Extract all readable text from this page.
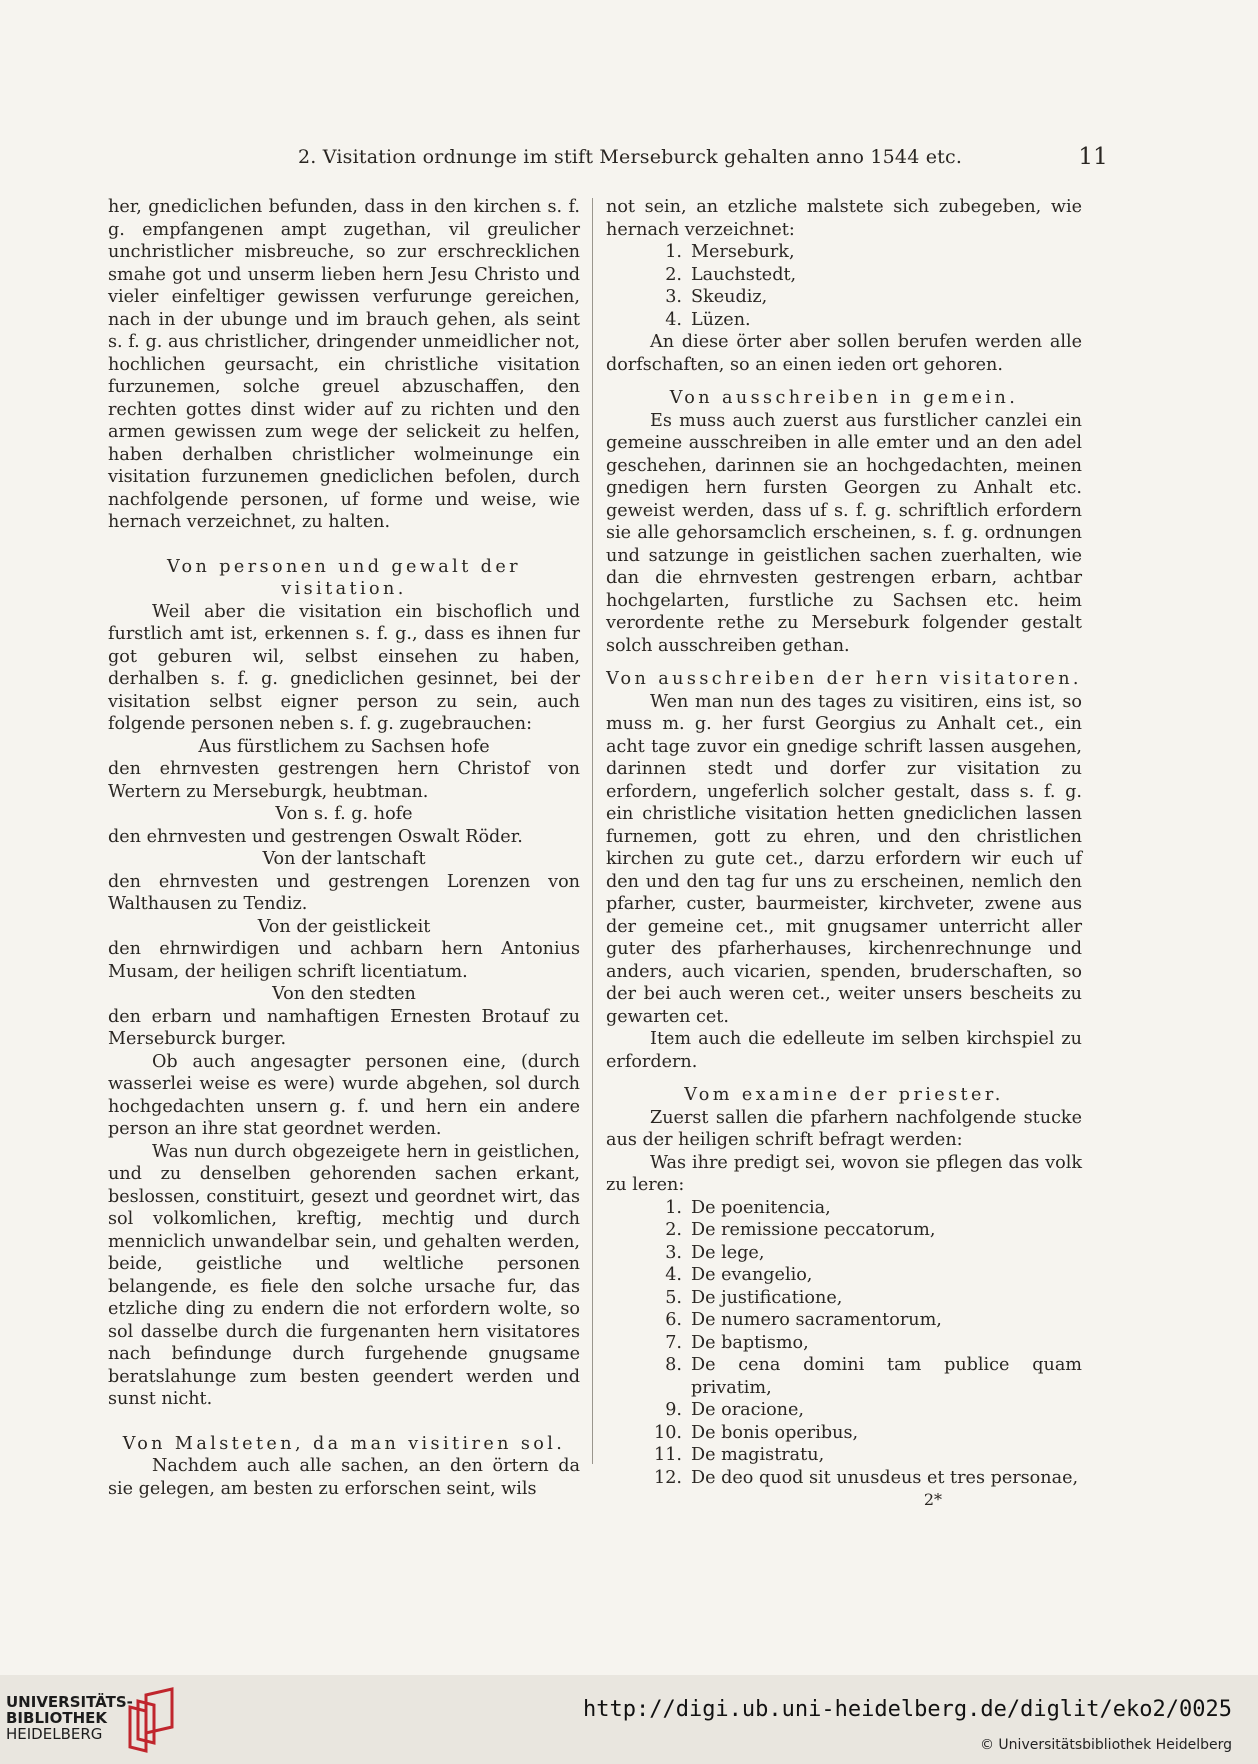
2. Visitation ordnunge im stift Merseburck gehalten anno 1544 etc.	11

her, gnediclichen befunden, dass in den kirchen s. f. g. empfangenen ampt zugethan, vil greulicher unchristlicher misbreuche, so zur erschrecklichen smahe got und unserm lieben hern Jesu Christo und vieler einfeltiger gewissen verfurunge gereichen, nach in der ubunge und im brauch gehen, als seint s. f. g. aus christlicher, dringender unmeidlicher not, hochlichen geursacht, ein christliche visitation furzunemen, solche greuel abzuschaffen, den rechten gottes dinst wider auf zu richten und den armen gewissen zum wege der selickeit zu helfen, haben derhalben christlicher wolmeinunge ein visitation furzunemen gnediclichen befolen, durch nachfolgende personen, uf forme und weise, wie hernach verzeichnet, zu halten.

Von personen und gewalt der visitation.

Weil aber die visitation ein bischoflich und furstlich amt ist, erkennen s. f. g., dass es ihnen fur got geburen wil, selbst einsehen zu haben, derhalben s. f. g. gnediclichen gesinnet, bei der visitation selbst eigner person zu sein, auch folgende personen neben s. f. g. zugebrauchen:

Aus fürstlichem zu Sachsen hofe

den ehrnvesten gestrengen hern Christof von Wertern zu Merseburgk, heubtman.

Von s. f. g. hofe

den ehrnvesten und gestrengen Oswalt Röder.

Von der lantschaft

den ehrnvesten und gestrengen Lorenzen von Walthausen zu Tendiz.

Von der geistlickeit

den ehrnwirdigen und achbarn hern Antonius Musam, der heiligen schrift licentiatum.

Von den stedten

den erbarn und namhaftigen Ernesten Brotauf zu Merseburck burger.

Ob auch angesagter personen eine, (durch wasserlei weise es were) wurde abgehen, sol durch hochgedachten unsern g. f. und hern ein andere person an ihre stat geordnet werden.

Was nun durch obgezeigete hern in geistlichen, und zu denselben gehorenden sachen erkant, beslossen, constituirt, gesezt und geordnet wirt, das sol volkomlichen, kreftig, mechtig und durch menniclich unwandelbar sein, und gehalten werden, beide, geistliche und weltliche personen belangende, es fiele den solche ursache fur, das etzliche ding zu endern die not erfordern wolte, so sol dasselbe durch die furgenanten hern visitatores nach befindunge durch furgehende gnugsame beratslahunge zum besten geendert werden und sunst nicht.

Von Malsteten, da man visitiren sol.

Nachdem auch alle sachen, an den örtern da sie gelegen, am besten zu erforschen seint, wils

not sein, an etzliche malstete sich zubegeben, wie hernach verzeichnet:

1. Merseburk,
2. Lauchstedt,
3. Skeudiz,
4. Lüzen.

An diese örter aber sollen berufen werden alle dorfschaften, so an einen ieden ort gehoren.

Von ausschreiben in gemein.

Es muss auch zuerst aus furstlicher canzlei ein gemeine ausschreiben in alle emter und an den adel geschehen, darinnen sie an hochgedachten, meinen gnedigen hern fursten Georgen zu Anhalt etc. geweist werden, dass uf s. f. g. schriftlich erfordern sie alle gehorsamclich erscheinen, s. f. g. ordnungen und satzunge in geistlichen sachen zuerhalten, wie dan die ehrnvesten gestrengen erbarn, achtbar hochgelarten, furstliche zu Sachsen etc. heim verordente rethe zu Merseburk folgender gestalt solch ausschreiben gethan.

Von ausschreiben der hern visitatoren.

Wen man nun des tages zu visitiren, eins ist, so muss m. g. her furst Georgius zu Anhalt cet., ein acht tage zuvor ein gnedige schrift lassen ausgehen, darinnen stedt und dorfer zur visitation zu erfordern, ungeferlich solcher gestalt, dass s. f. g. ein christliche visitation hetten gnediclichen lassen furnemen, gott zu ehren, und den christlichen kirchen zu gute cet., darzu erfordern wir euch uf den und den tag fur uns zu erscheinen, nemlich den pfarher, custer, baurmeister, kirchveter, zwene aus der gemeine cet., mit gnugsamer unterricht aller guter des pfarherhauses, kirchenrechnunge und anders, auch vicarien, spenden, bruderschaften, so der bei auch weren cet., weiter unsers bescheits zu gewarten cet.

Item auch die edelleute im selben kirchspiel zu erfordern.

Vom examine der priester.

Zuerst sallen die pfarhern nachfolgende stucke aus der heiligen schrift befragt werden:

Was ihre predigt sei, wovon sie pflegen das volk zu leren:

1. De poenitencia,
2. De remissione peccatorum,
3. De lege,
4. De evangelio,
5. De justificatione,
6. De numero sacramentorum,
7. De baptismo,
8. De cena domini tam publice quam privatim,
9. De oracione,
10. De bonis operibus,
11. De magistratu,
12. De deo quod sit unusdeus et tres personae,

2*

UNIVERSITÄTS-
BIBLIOTHEK
HEIDELBERG
http://digi.ub.uni-heidelberg.de/diglit/eko2/0025
© Universitätsbibliothek Heidelberg
